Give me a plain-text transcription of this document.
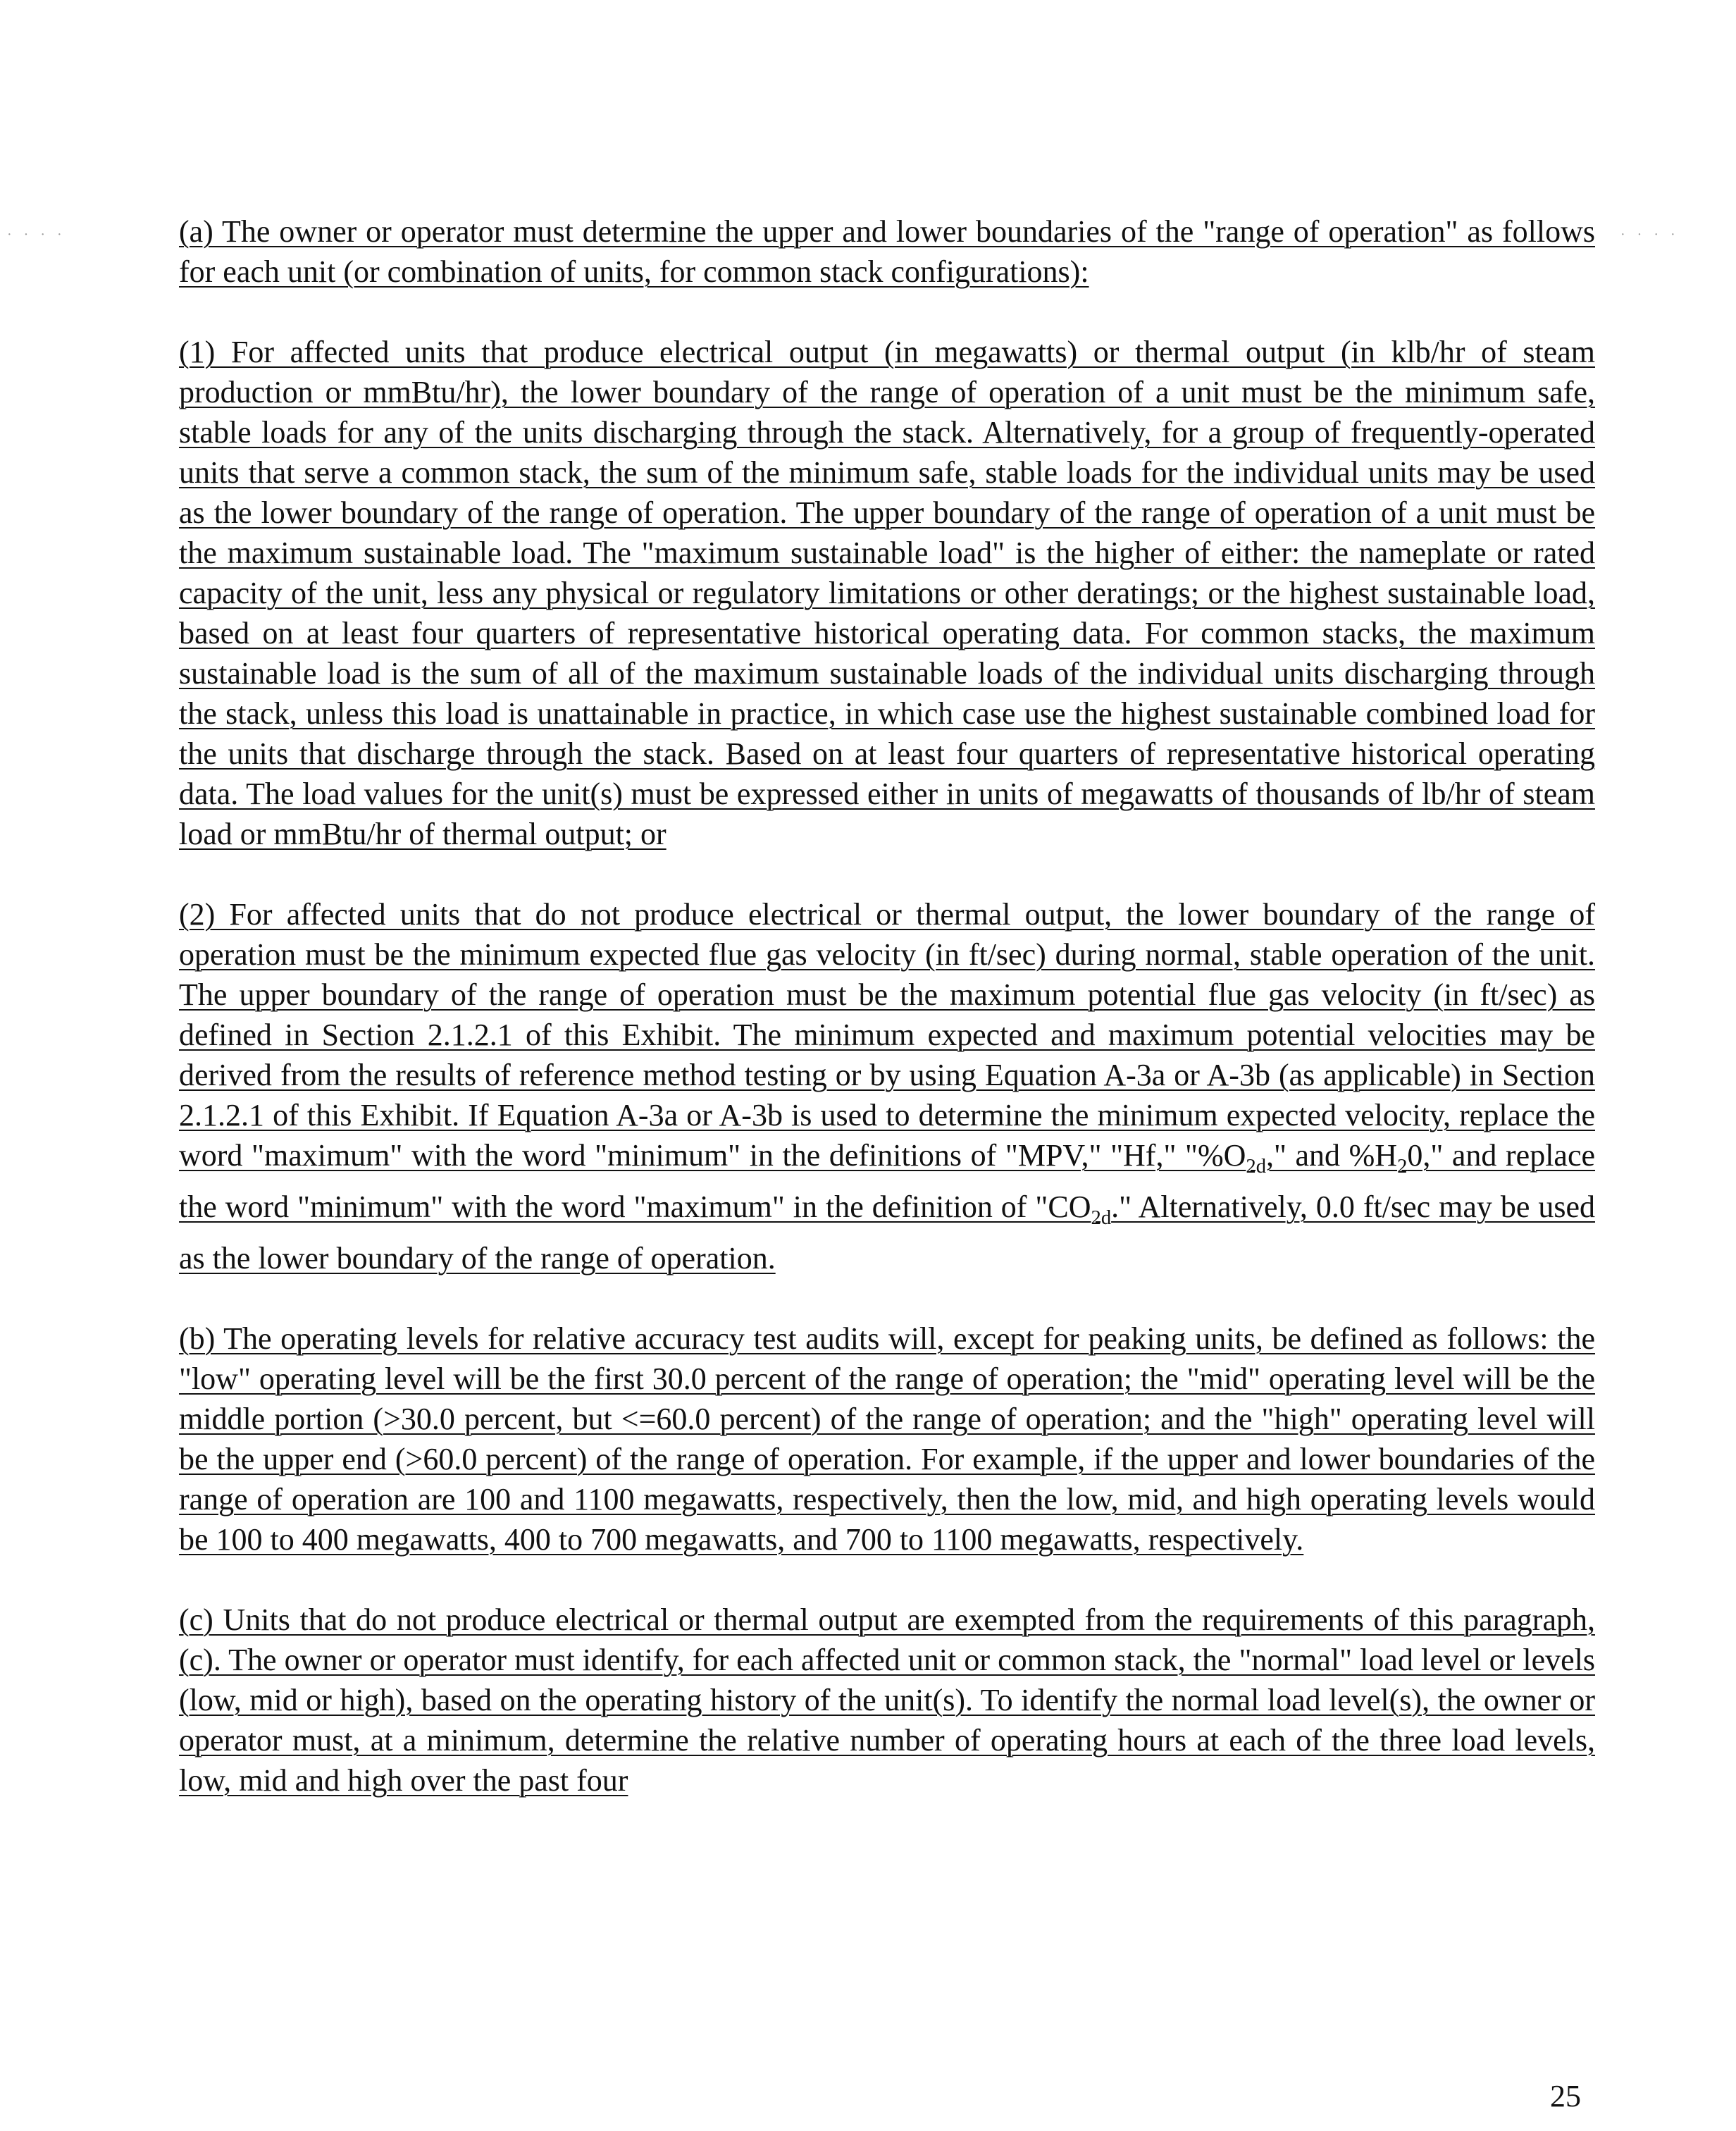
· · · ·	· · · ·

(a) The owner or operator must determine the upper and lower boundaries of the "range of operation" as follows for each unit (or combination of units, for common stack configurations):

(1) For affected units that produce electrical output (in megawatts) or thermal output (in klb/hr of steam production or mmBtu/hr), the lower boundary of the range of operation of a unit must be the minimum safe, stable loads for any of the units discharging through the stack. Alternatively, for a group of frequently-operated units that serve a common stack, the sum of the minimum safe, stable loads for the individual units may be used as the lower boundary of the range of operation. The upper boundary of the range of operation of a unit must be the maximum sustainable load. The "maximum sustainable load" is the higher of either: the nameplate or rated capacity of the unit, less any physical or regulatory limitations or other deratings; or the highest sustainable load, based on at least four quarters of representative historical operating data. For common stacks, the maximum sustainable load is the sum of all of the maximum sustainable loads of the individual units discharging through the stack, unless this load is unattainable in practice, in which case use the highest sustainable combined load for the units that discharge through the stack. Based on at least four quarters of representative historical operating data. The load values for the unit(s) must be expressed either in units of megawatts of thousands of lb/hr of steam load or mmBtu/hr of thermal output; or

(2) For affected units that do not produce electrical or thermal output, the lower boundary of the range of operation must be the minimum expected flue gas velocity (in ft/sec) during normal, stable operation of the unit. The upper boundary of the range of operation must be the maximum potential flue gas velocity (in ft/sec) as defined in Section 2.1.2.1 of this Exhibit. The minimum expected and maximum potential velocities may be derived from the results of reference method testing or by using Equation A-3a or A-3b (as applicable) in Section 2.1.2.1 of this Exhibit. If Equation A-3a or A-3b is used to determine the minimum expected velocity, replace the word "maximum" with the word "minimum" in the definitions of "MPV," "Hf," "$\%O_{2d}$," and $\%H_20$," and replace the word "minimum" with the word "maximum" in the definition of "$CO_{2d}$." Alternatively, 0.0 ft/sec may be used as the lower boundary of the range of operation.

(b) The operating levels for relative accuracy test audits will, except for peaking units, be defined as follows: the "low" operating level will be the first 30.0 percent of the range of operation; the "mid" operating level will be the middle portion (>30.0 percent, but <=60.0 percent) of the range of operation; and the "high" operating level will be the upper end (>60.0 percent) of the range of operation. For example, if the upper and lower boundaries of the range of operation are 100 and 1100 megawatts, respectively, then the low, mid, and high operating levels would be 100 to 400 megawatts, 400 to 700 megawatts, and 700 to 1100 megawatts, respectively.

(c) Units that do not produce electrical or thermal output are exempted from the requirements of this paragraph, (c). The owner or operator must identify, for each affected unit or common stack, the "normal" load level or levels (low, mid or high), based on the operating history of the unit(s). To identify the normal load level(s), the owner or operator must, at a minimum, determine the relative number of operating hours at each of the three load levels, low, mid and high over the past four

25
